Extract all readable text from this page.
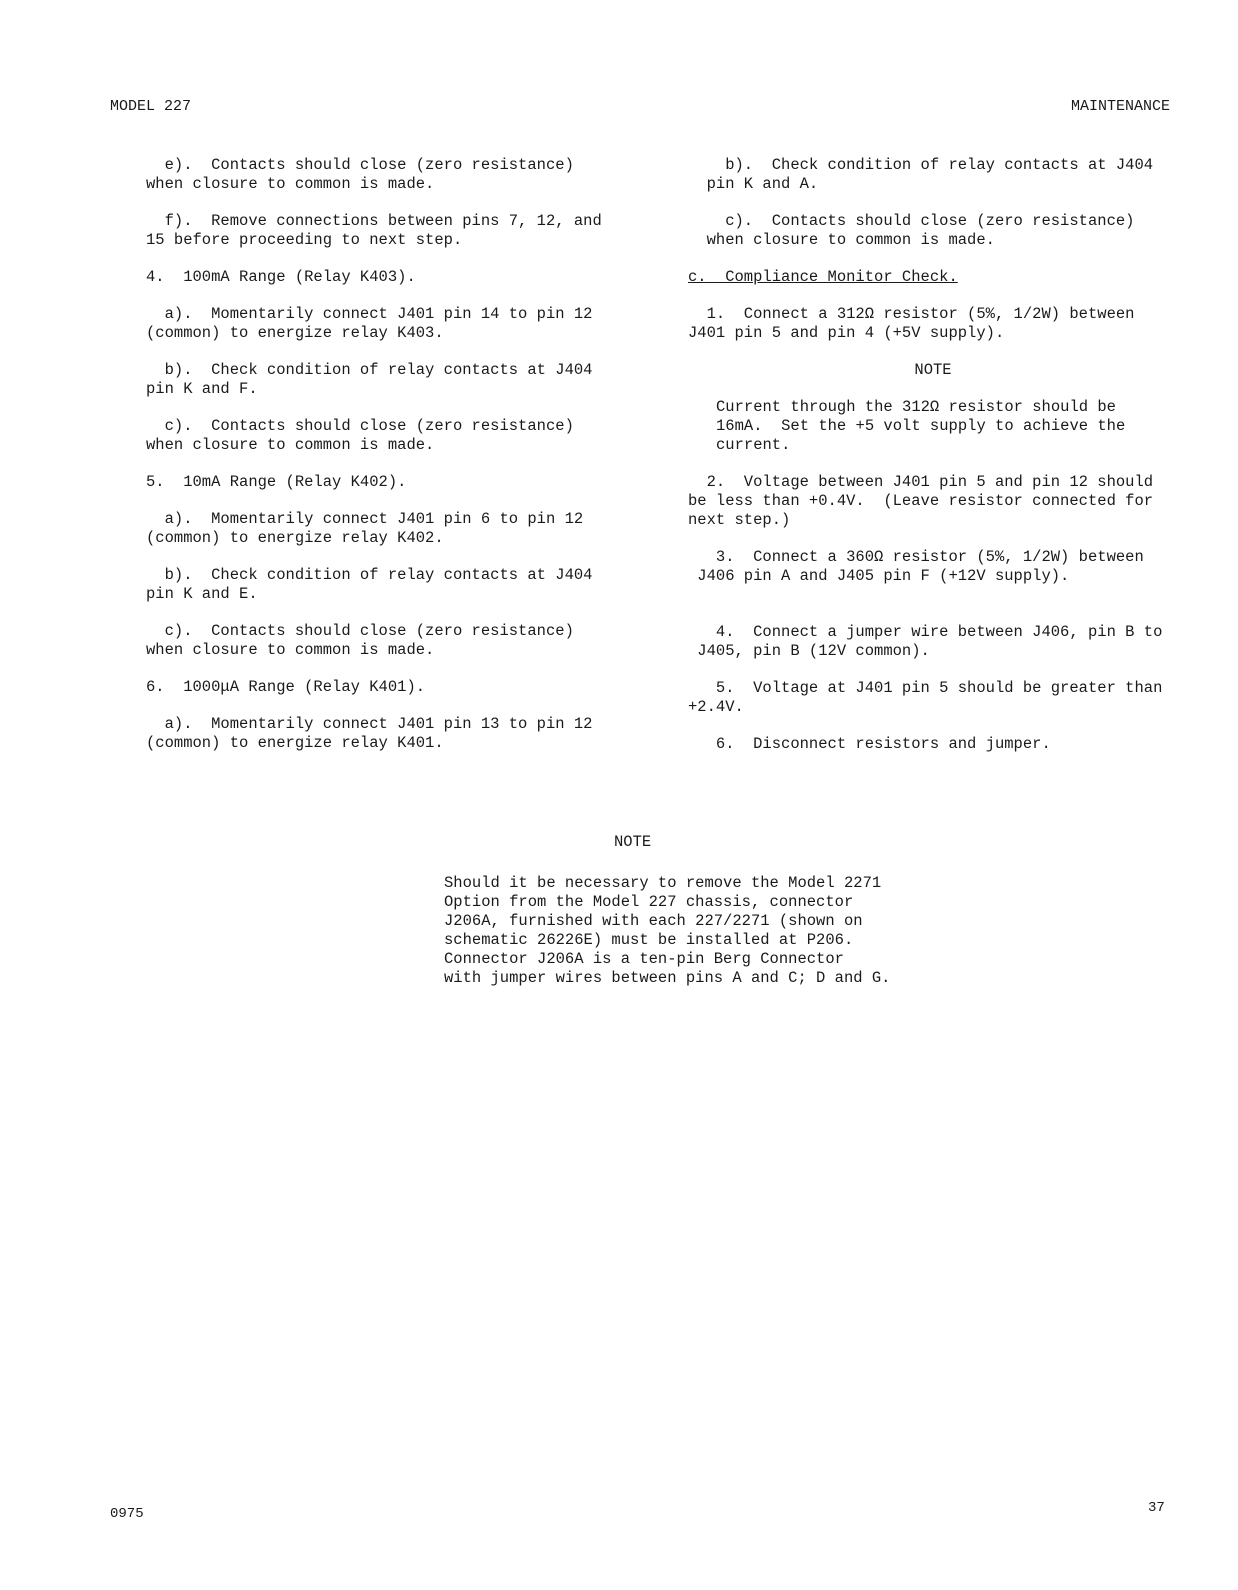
MODEL 227	MAINTENANCE
e).  Contacts should close (zero resistance)
when closure to common is made.
f).  Remove connections between pins 7, 12, and
15 before proceeding to next step.
4.  100mA Range (Relay K403).
a).  Momentarily connect J401 pin 14 to pin 12
(common) to energize relay K403.
b).  Check condition of relay contacts at J404
pin K and F.
c).  Contacts should close (zero resistance)
when closure to common is made.
5.  10mA Range (Relay K402).
a).  Momentarily connect J401 pin 6 to pin 12
(common) to energize relay K402.
b).  Check condition of relay contacts at J404
pin K and E.
c).  Contacts should close (zero resistance)
when closure to common is made.
6.  1000μA Range (Relay K401).
a).  Momentarily connect J401 pin 13 to pin 12
(common) to energize relay K401.
b).  Check condition of relay contacts at J404
pin K and A.
c).  Contacts should close (zero resistance)
when closure to common is made.
c.  Compliance Monitor Check.
1.  Connect a 312Ω resistor (5%, 1/2W) between
J401 pin 5 and pin 4 (+5V supply).
NOTE
Current through the 312Ω resistor should be
16mA.  Set the +5 volt supply to achieve the
current.
2.  Voltage between J401 pin 5 and pin 12 should
be less than +0.4V.  (Leave resistor connected for
next step.)
3.  Connect a 360Ω resistor (5%, 1/2W) between
J406 pin A and J405 pin F (+12V supply).

4.  Connect a jumper wire between J406, pin B to
J405, pin B (12V common).
5.  Voltage at J401 pin 5 should be greater than
+2.4V.
6.  Disconnect resistors and jumper.
NOTE
Should it be necessary to remove the Model 2271
Option from the Model 227 chassis, connector
J206A, furnished with each 227/2271 (shown on
schematic 26226E) must be installed at P206.
Connector J206A is a ten-pin Berg Connector
with jumper wires between pins A and C; D and G.
0975	37
